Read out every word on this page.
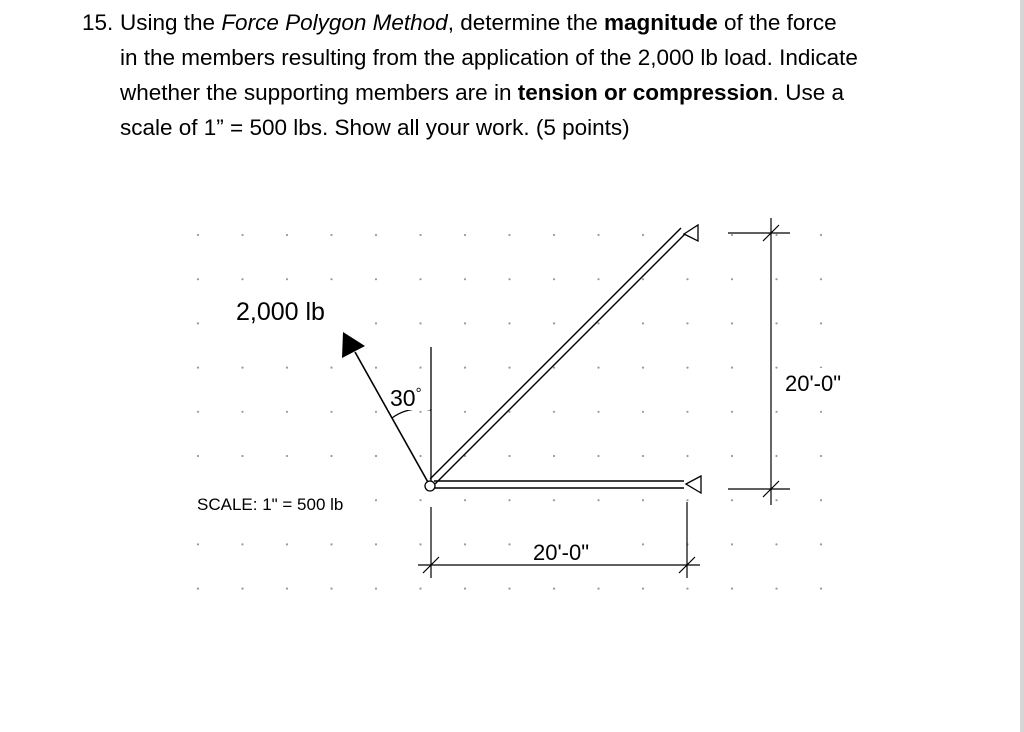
15. Using the Force Polygon Method, determine the magnitude of the force
in the members resulting from the application of the 2,000 lb load. Indicate
whether the supporting members are in tension or compression. Use a
scale of 1” = 500 lbs. Show all your work. (5 points)
2,000 lb
30°
SCALE: 1" = 500 lb
20'-0"
20'-0"
